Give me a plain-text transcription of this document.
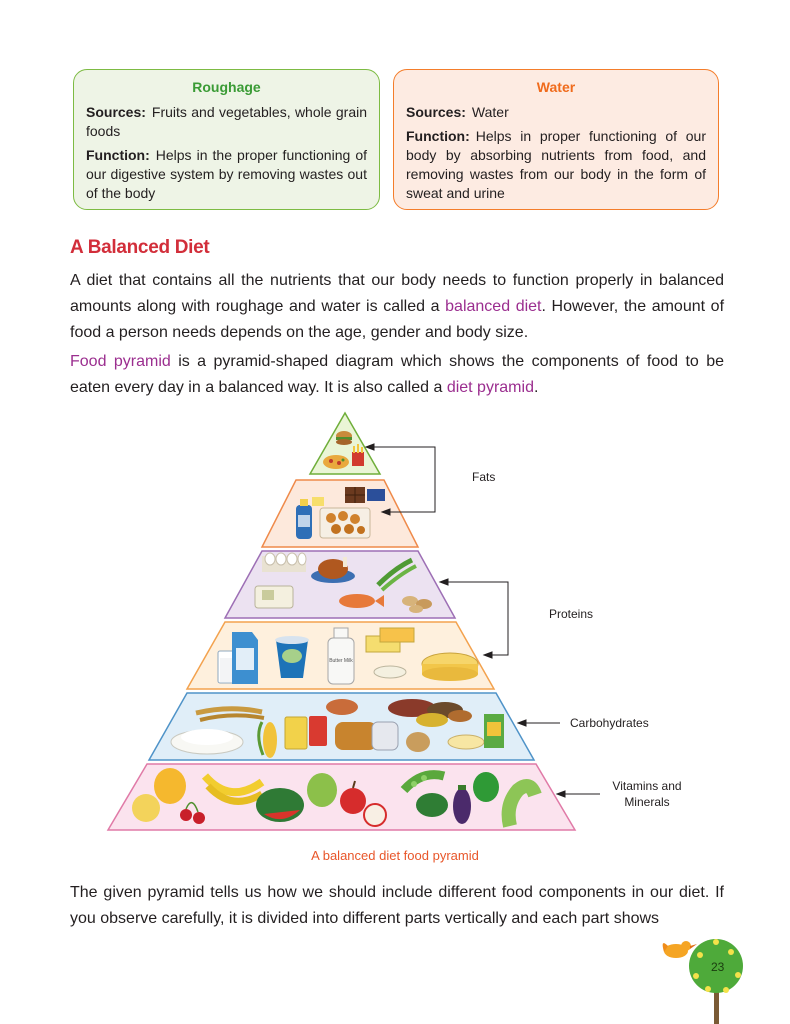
Roughage

Sources: Fruits and vegetables, whole grain foods

Function: Helps in the proper functioning of our digestive system by removing wastes out of the body

Water

Sources: Water

Function: Helps in proper functioning of our body by absorbing nutrients from food, and removing wastes from our body in the form of sweat and urine

A Balanced Diet

A diet that contains all the nutrients that our body needs to function properly in balanced amounts along with roughage and water is called a balanced diet. However, the amount of food a person needs depends on the age, gender and body size.

Food pyramid is a pyramid-shaped diagram which shows the components of food to be eaten every day in a balanced way. It is also called a diet pyramid.

Butter Milk
Fats
Proteins
Carbohydrates
Vitamins and
Minerals
A balanced diet food pyramid

The given pyramid tells us how we should include different food components in our diet. If you observe carefully, it is divided into different parts vertically and each part shows

23
